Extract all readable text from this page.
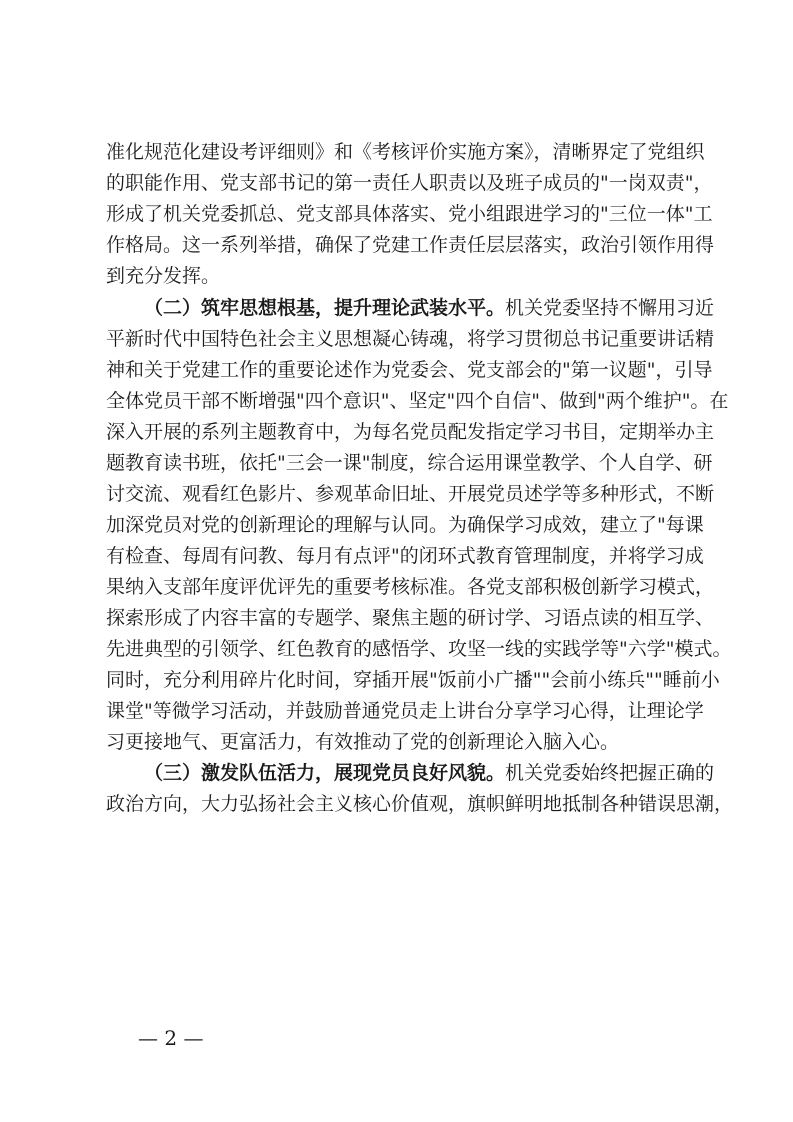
准化规范化建设考评细则》和《考核评价实施方案》，清晰界定了党组织
的职能作用、党支部书记的第一责任人职责以及班子成员的"一岗双责"，
形成了机关党委抓总、党支部具体落实、党小组跟进学习的"三位一体"工
作格局。这一系列举措，确保了党建工作责任层层落实，政治引领作用得
到充分发挥。
（二）筑牢思想根基，提升理论武装水平。机关党委坚持不懈用习近
平新时代中国特色社会主义思想凝心铸魂，将学习贯彻总书记重要讲话精
神和关于党建工作的重要论述作为党委会、党支部会的"第一议题"，引导
全体党员干部不断增强"四个意识"、坚定"四个自信"、做到"两个维护"。在
深入开展的系列主题教育中，为每名党员配发指定学习书目，定期举办主
题教育读书班，依托"三会一课"制度，综合运用课堂教学、个人自学、研
讨交流、观看红色影片、参观革命旧址、开展党员述学等多种形式，不断
加深党员对党的创新理论的理解与认同。为确保学习成效，建立了"每课
有检查、每周有问教、每月有点评"的闭环式教育管理制度，并将学习成
果纳入支部年度评优评先的重要考核标准。各党支部积极创新学习模式，
探索形成了内容丰富的专题学、聚焦主题的研讨学、习语点读的相互学、
先进典型的引领学、红色教育的感悟学、攻坚一线的实践学等"六学"模式。
同时，充分利用碎片化时间，穿插开展"饭前小广播""会前小练兵""睡前小
课堂"等微学习活动，并鼓励普通党员走上讲台分享学习心得，让理论学
习更接地气、更富活力，有效推动了党的创新理论入脑入心。
（三）激发队伍活力，展现党员良好风貌。机关党委始终把握正确的
政治方向，大力弘扬社会主义核心价值观，旗帜鲜明地抵制各种错误思潮，
— 2 —
